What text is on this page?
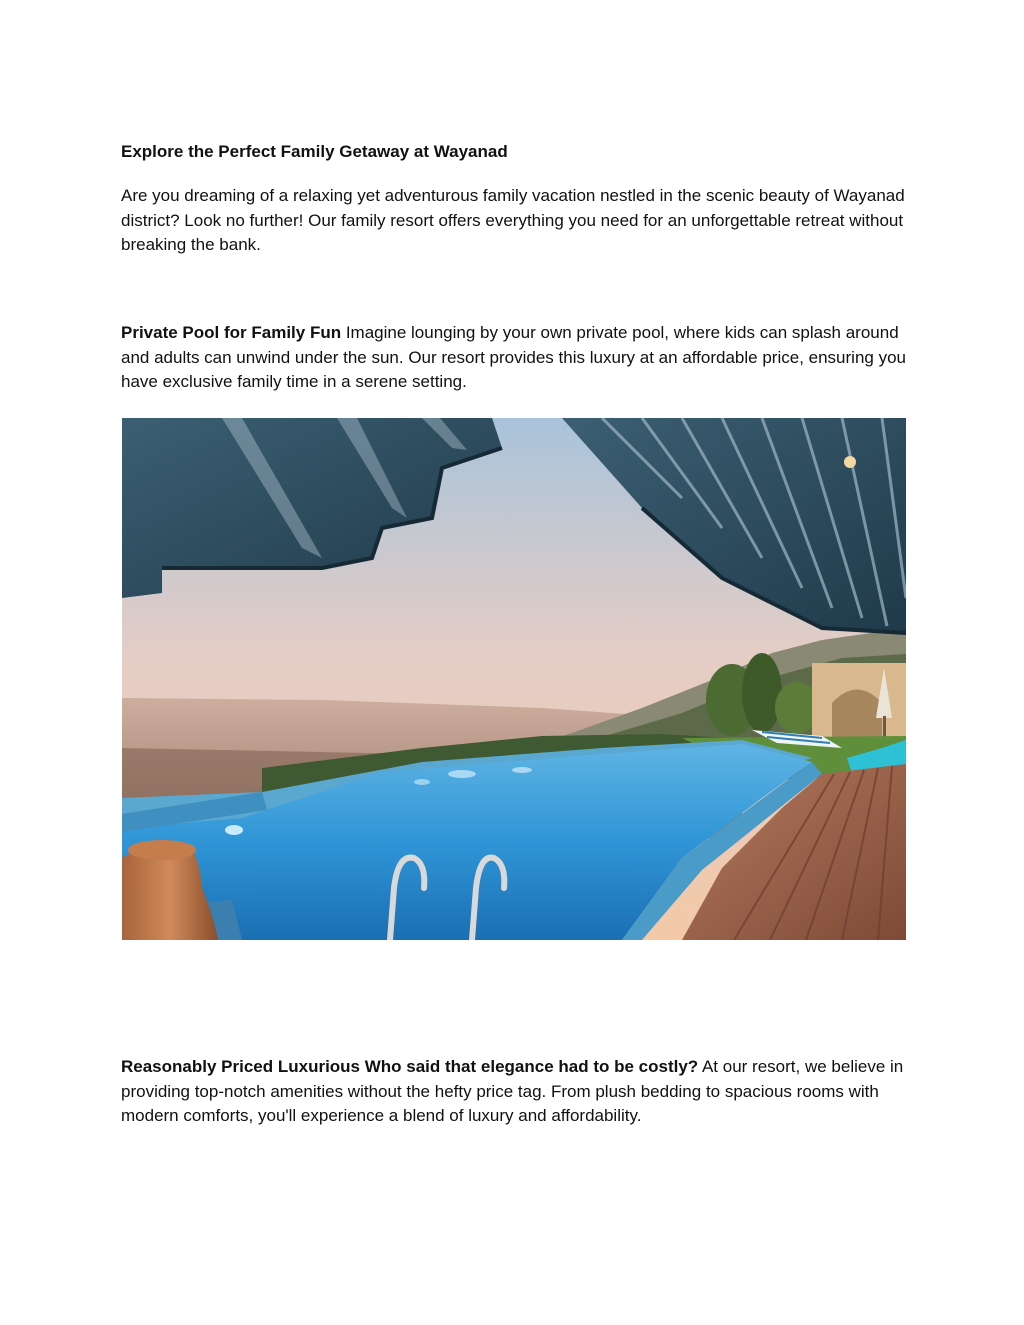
Explore the Perfect Family Getaway at Wayanad

Are you dreaming of a relaxing yet adventurous family vacation nestled in the scenic beauty of Wayanad district? Look no further! Our family resort offers everything you need for an unforgettable retreat without breaking the bank.

Private Pool for Family Fun Imagine lounging by your own private pool, where kids can splash around and adults can unwind under the sun. Our resort provides this luxury at an affordable price, ensuring you have exclusive family time in a serene setting.

Reasonably Priced Luxurious Who said that elegance had to be costly? At our resort, we believe in providing top-notch amenities without the hefty price tag. From plush bedding to spacious rooms with modern comforts, you'll experience a blend of luxury and affordability.
